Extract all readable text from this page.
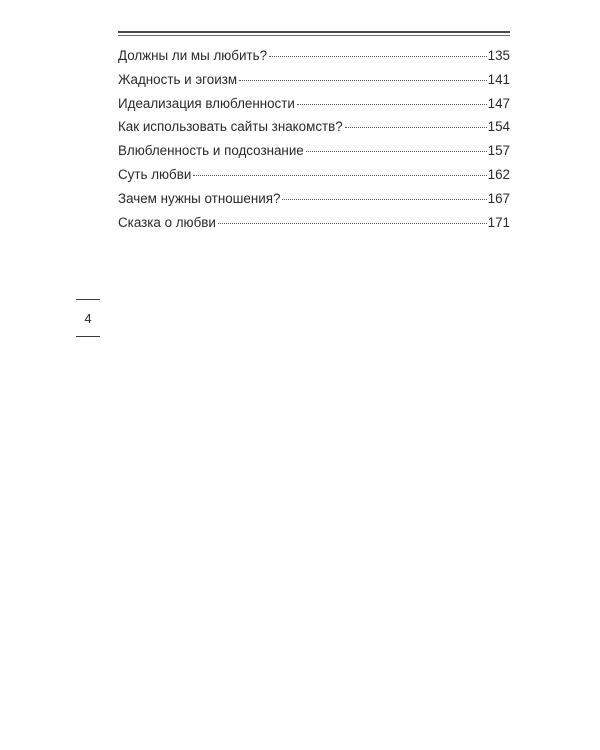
Должны ли мы любить?	135
Жадность и эгоизм	141
Идеализация влюбленности	147
Как использовать сайты знакомств?	154
Влюбленность и подсознание	157
Суть любви	162
Зачем нужны отношения?	167
Сказка о любви	171
4
